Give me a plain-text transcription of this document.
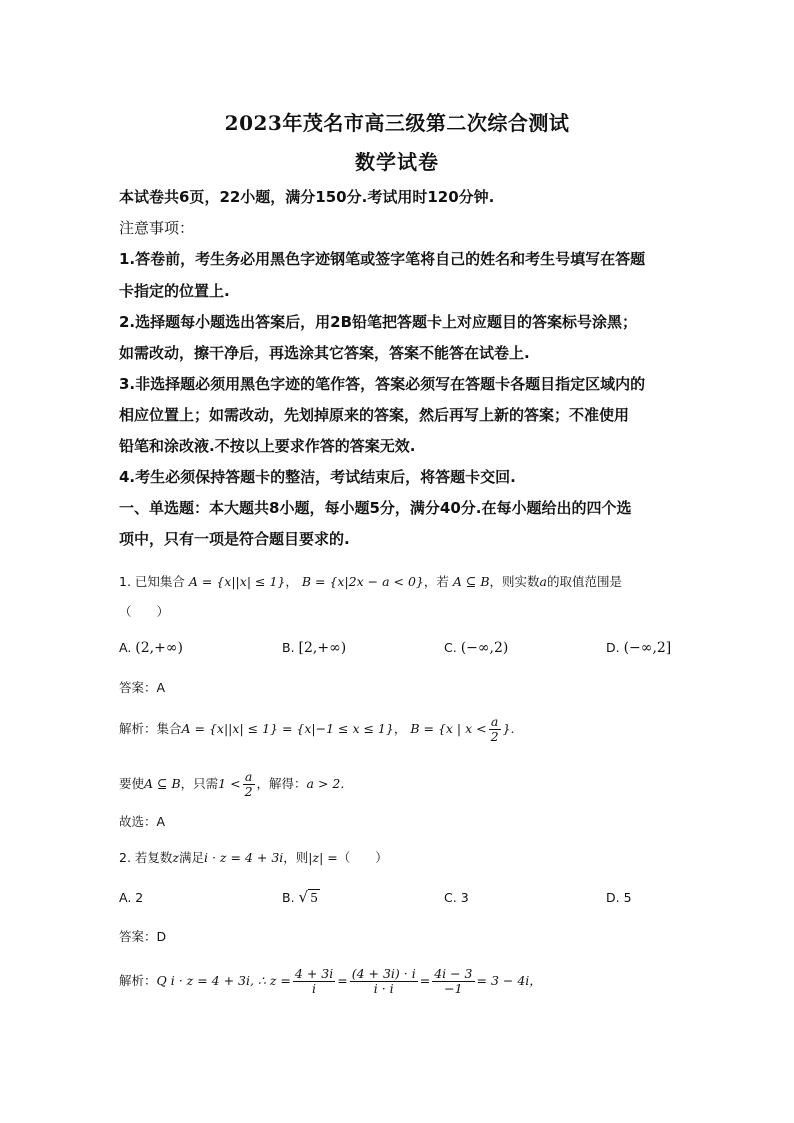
2023年茂名市高三级第二次综合测试
数学试卷
本试卷共6页，22小题，满分150分.考试用时120分钟.
注意事项：
1.答卷前，考生务必用黑色字迹钢笔或签字笔将自己的姓名和考生号填写在答题
卡指定的位置上.
2.选择题每小题选出答案后，用2B铅笔把答题卡上对应题目的答案标号涂黑；
如需改动，擦干净后，再选涂其它答案，答案不能答在试卷上.
3.非选择题必须用黑色字迹的笔作答，答案必须写在答题卡各题目指定区域内的
相应位置上；如需改动，先划掉原来的答案，然后再写上新的答案；不准使用
铅笔和涂改液.不按以上要求作答的答案无效.
4.考生必须保持答题卡的整洁，考试结束后，将答题卡交回.
一、单选题：本大题共8小题，每小题5分，满分40分.在每小题给出的四个选
项中，只有一项是符合题目要求的.
1. 已知集合 A = {x||x| ≤ 1}， B = {x|2x − a < 0}，若 A ⊆ B，则实数a的取值范围是
（　　）
A. (2,+∞)	B. [2,+∞)	C. (−∞,2)	D. (−∞,2]
答案：A
解析：集合A = {x||x| ≤ 1} = {x|−1 ≤ x ≤ 1}， B = {x | $x < \frac{a}{2}$ }.
要使A ⊆ B，只需$1 < \frac{a}{2}$ ，解得：a > 2.
故选：A
2. 若复数z满足i · z = 4 + 3i，则|z| =（　　）
A. 2	B. √ 5	C. 3	D. 5
答案：D
解析：Q i · z = 4 + 3i, ∴ $z = \frac{4 + 3i}{i} = \frac{(4 + 3i) \cdot i}{i \cdot i} = \frac{4i - 3}{-1} = 3 - 4i$，
